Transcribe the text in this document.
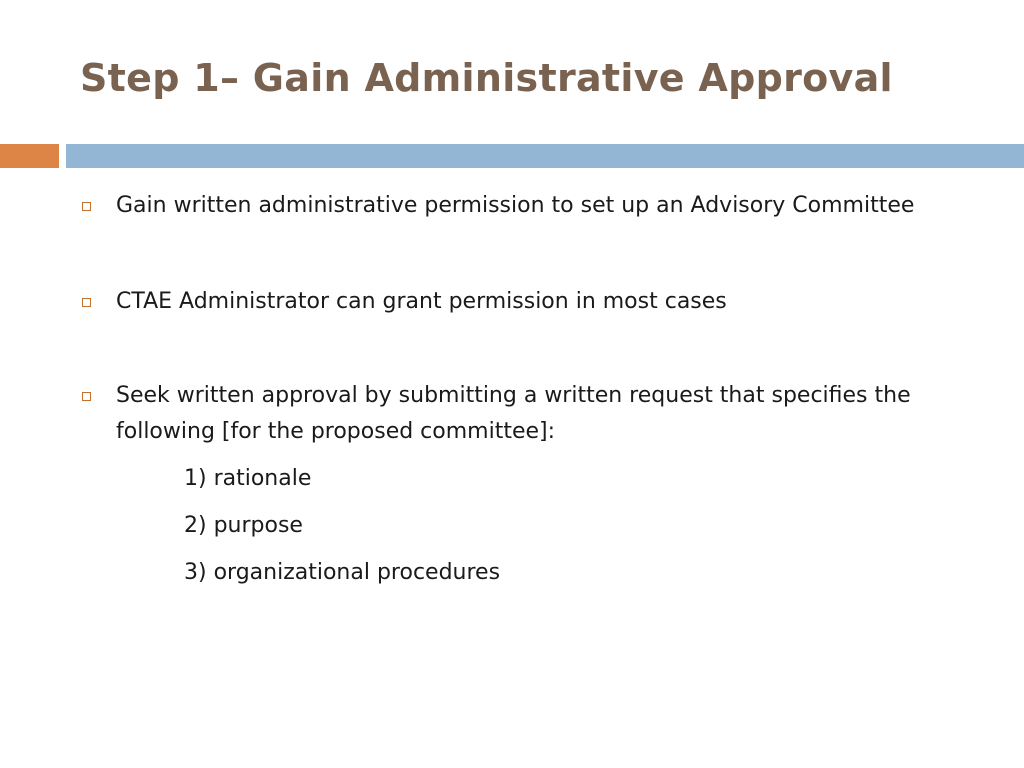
Step 1– Gain Administrative Approval
Gain written administrative permission to set up an Advisory Committee
CTAE Administrator can grant permission in most cases
Seek written approval by submitting a written request that specifies the following [for the proposed committee]:
1) rationale
2) purpose
3) organizational procedures
